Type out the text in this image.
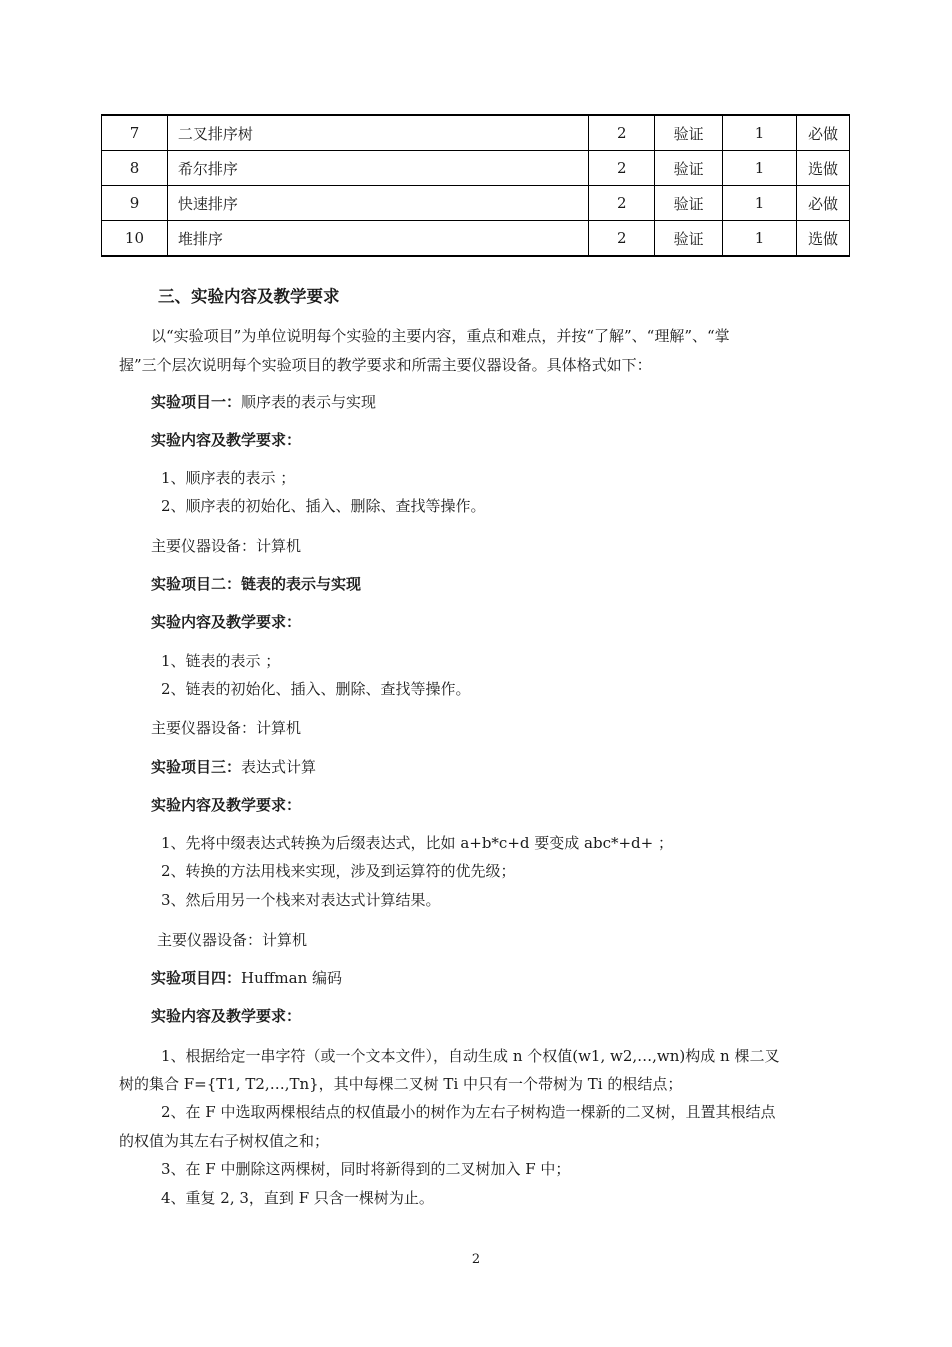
7	二叉排序树	2	验证	1	必做
8	希尔排序	2	验证	1	选做
9	快速排序	2	验证	1	必做
10	堆排序	2	验证	1	选做
三、实验内容及教学要求
以“实验项目”为单位说明每个实验的主要内容，重点和难点，并按“了解”、“理解”、“掌
握”三个层次说明每个实验项目的教学要求和所需主要仪器设备。具体格式如下：
实验项目一：顺序表的表示与实现
实验内容及教学要求：
1、顺序表的表示 ；
2、顺序表的初始化、插入、删除、查找等操作。
主要仪器设备：计算机
实验项目二：链表的表示与实现
实验内容及教学要求：
1、链表的表示 ；
2、链表的初始化、插入、删除、查找等操作。
主要仪器设备：计算机
实验项目三：表达式计算
实验内容及教学要求：
1、先将中缀表达式转换为后缀表达式，比如 a+b*c+d 要变成 abc*+d+ ；
2、转换的方法用栈来实现，涉及到运算符的优先级；
3、然后用另一个栈来对表达式计算结果。
主要仪器设备：计算机
实验项目四：Huffman 编码
实验内容及教学要求：
1、根据给定一串字符（或一个文本文件），自动生成 n 个权值(w1, w2,…,wn)构成 n 棵二叉
树的集合 F={T1, T2,…,Tn}，其中每棵二叉树 Ti 中只有一个带树为 Ti 的根结点；
2、在 F 中选取两棵根结点的权值最小的树作为左右子树构造一棵新的二叉树，且置其根结点
的权值为其左右子树权值之和；
3、在 F 中删除这两棵树，同时将新得到的二叉树加入 F 中；
4、重复 2, 3，直到 F 只含一棵树为止。
2
